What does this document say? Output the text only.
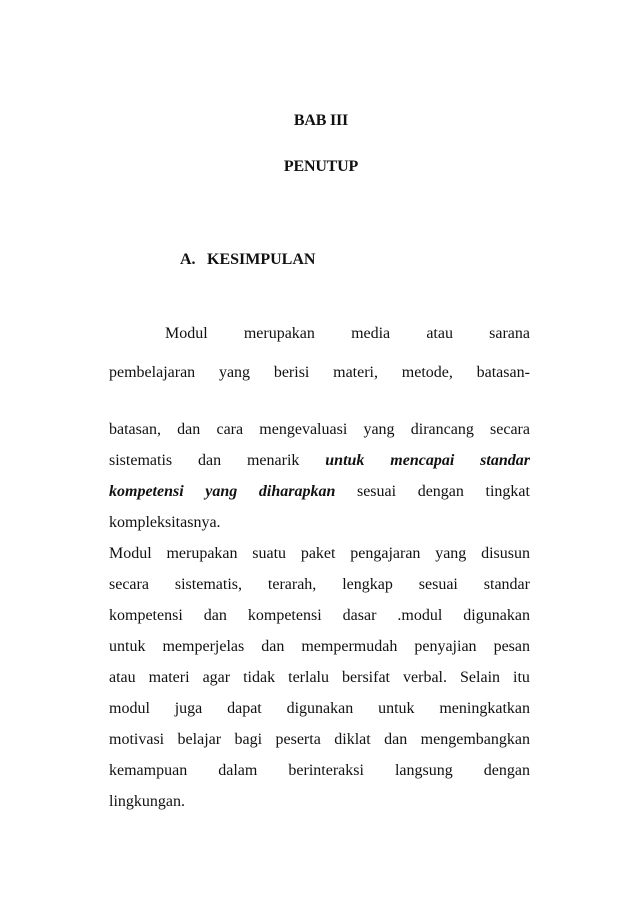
BAB III
PENUTUP
A. KESIMPULAN
Modul merupakan media atau sarana
pembelajaran yang berisi materi, metode, batasan-
batasan, dan cara mengevaluasi yang dirancang secara
sistematis dan menarik untuk mencapai standar
kompetensi yang diharapkan sesuai dengan tingkat
kompleksitasnya.
Modul merupakan suatu paket pengajaran yang disusun
secara sistematis, terarah, lengkap sesuai standar
kompetensi dan kompetensi dasar .modul digunakan
untuk memperjelas dan mempermudah penyajian pesan
atau materi agar tidak terlalu bersifat verbal. Selain itu
modul juga dapat digunakan untuk meningkatkan
motivasi belajar bagi peserta diklat dan mengembangkan
kemampuan dalam berinteraksi langsung dengan
lingkungan.
